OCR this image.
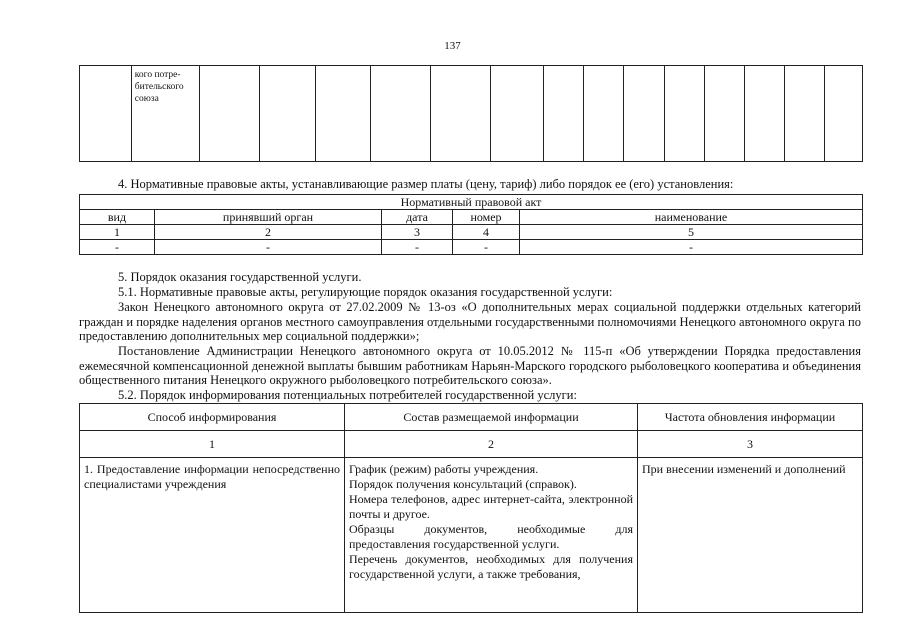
137

кого потре-
бительского
союза

4. Нормативные правовые акты, устанавливающие размер платы (цену, тариф) либо порядок ее (его) установления:
Нормативный правовой акт				
вид	принявший орган	дата	номер	наименование
1	2	3	4	5
-	-	-	-	-
5. Порядок оказания государственной услуги.
5.1. Нормативные правовые акты, регулирующие порядок оказания государственной услуги:
Закон Ненецкого автономного округа от 27.02.2009 № 13-оз «О дополнительных мерах социальной поддержки отдельных категорий граждан и порядке наделения органов местного самоуправления отдельными государственными полномочиями Ненецкого автономного округа по предоставлению дополнительных мер социальной поддержки»;
Постановление Администрации Ненецкого автономного округа от 10.05.2012 № 115-п «Об утверждении Порядка предоставления ежемесячной компенсационной денежной выплаты бывшим работникам Нарьян-Марского городского рыболовецкого кооператива и объединения общественного питания Ненецкого окружного рыболовецкого потребительского союза».
5.2. Порядок информирования потенциальных потребителей государственной услуги:
Способ информирования	Состав размещаемой информации	Частота обновления информации
1	2	3
1. Предоставление информации непосредственно специалистами учреждения	График (режим) работы учреждения.

Порядок получения консультаций (справок).

Номера телефонов, адрес интернет-сайта, электронной почты и другое.

Образцы документов, необходимые для предоставления государственной услуги.

Перечень документов, необходимых для получения государственной услуги, а также требования,	При внесении изменений и дополнений
